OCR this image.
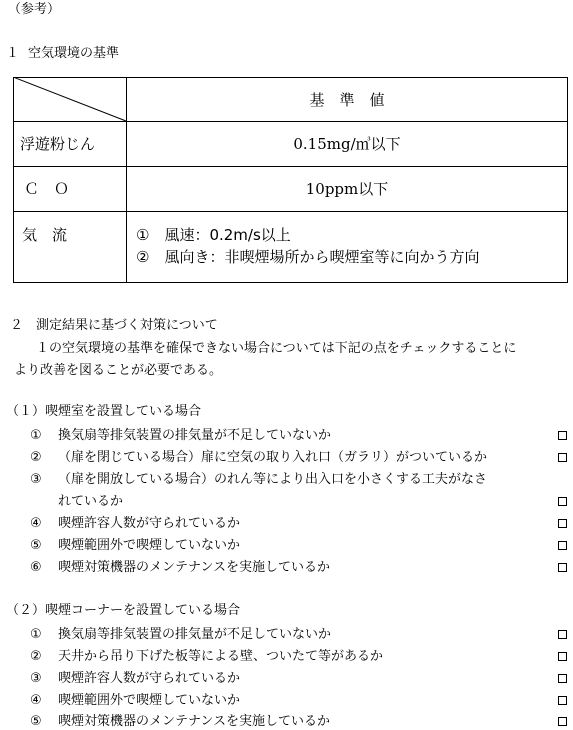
（参考）
１ 空気環境の基準
基　準　値
浮遊粉じん	0.15mg/㎥以下
Ｃ　Ｏ	10ppm以下
気　流	①　風速：0.2m/s以上
②　風向き：非喫煙場所から喫煙室等に向かう方向
２ 測定結果に基づく対策について
１の空気環境の基準を確保できない場合については下記の点をチェックすることに
より改善を図ることが必要である。
（１）喫煙室を設置している場合
① 換気扇等排気装置の排気量が不足していないか
② （扉を閉じている場合）扉に空気の取り入れ口（ガラリ）がついているか
③ （扉を開放している場合）のれん等により出入口を小さくする工夫がなさ
れているか
④ 喫煙許容人数が守られているか
⑤ 喫煙範囲外で喫煙していないか
⑥ 喫煙対策機器のメンテナンスを実施しているか
（２）喫煙コーナーを設置している場合
① 換気扇等排気装置の排気量が不足していないか
② 天井から吊り下げた板等による壁、ついたて等があるか
③ 喫煙許容人数が守られているか
④ 喫煙範囲外で喫煙していないか
⑤ 喫煙対策機器のメンテナンスを実施しているか
